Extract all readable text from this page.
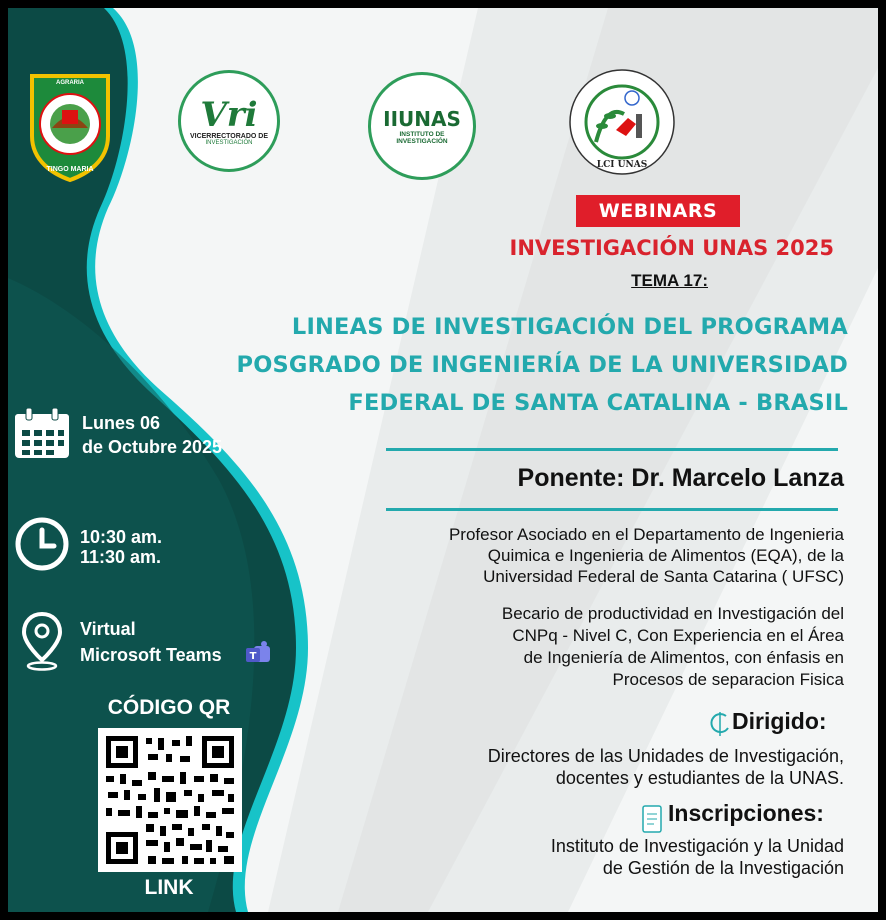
TINGO MARIA
AGRARIA
Vri
VICERRECTORADO DE
INVESTIGACIÓN
IIUNAS
INSTITUTO DE
INVESTIGACIÓN
LCI UNAS
WEBINARS
INVESTIGACIÓN UNAS 2025
TEMA 17:
LINEAS DE INVESTIGACIÓN DEL PROGRAMA
POSGRADO DE INGENIERÍA DE LA UNIVERSIDAD
FEDERAL DE SANTA CATALINA - BRASIL
Ponente: Dr. Marcelo Lanza
Profesor Asociado en el Departamento de Ingenieria
Quimica e Ingenieria de Alimentos (EQA), de la
Universidad Federal de Santa Catarina ( UFSC)
Becario de productividad en Investigación del
CNPq - Nivel C, Con Experiencia en el Área
de Ingeniería de Alimentos, con énfasis en
Procesos de separacion Fisica
Dirigido:
Directores de las Unidades de Investigación,
docentes y estudiantes de la UNAS.
Inscripciones:
Instituto de Investigación y la Unidad
de Gestión de la Investigación
Lunes 06
de Octubre 2025
10:30 am.
11:30 am.
Virtual
Microsoft Teams	T
CÓDIGO QR
LINK
